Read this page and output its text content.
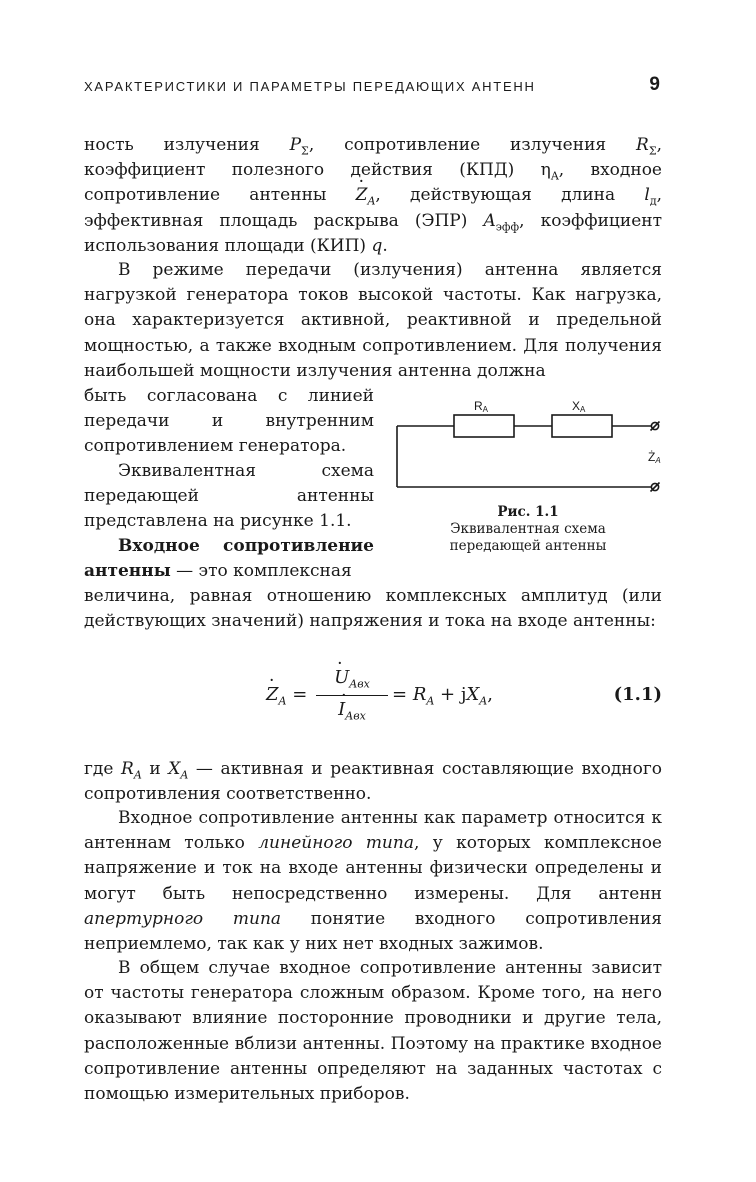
ХАРАКТЕРИСТИКИ И ПАРАМЕТРЫ ПЕРЕДАЮЩИХ АНТЕНН	9

ность излучения $P_\Sigma$, сопротивление излучения $R_\Sigma$, коэффициент полезного действия (КПД) $\eta_A$, входное сопротивление антенны · $Z_A$, действующая длина $l_д$, эффективная площадь раскрыва (ЭПР) $A_{эфф}$, коэффициент использования площади (КИП) q.

В режиме передачи (излучения) антенна является нагрузкой генератора токов высокой частоты. Как нагрузка, она характеризуется активной, реактивной и предельной мощностью, а также входным сопротивлением. Для получения наибольшей мощности излучения антенна должна

быть согласована с линией передачи и внутренним сопротивлением генератора.

Эквивалентная схема передающей антенны представлена на рисунке 1.1.

Входное сопротивление антенны — это комплексная

величина, равная отношению комплексных амплитуд (или действующих значений) напряжения и тока на входе антенны:

RA	XA
ŻA
Рис. 1.1
Эквивалентная схема
передающей антенны
· $Z_A$ =
· $U_{Aвх}$
· $I_{Aвх}$
= $R_A + jX_A$,	(1.1)

где $R_A$ и $X_A$ — активная и реактивная составляющие входного сопротивления соответственно.

Входное сопротивление антенны как параметр относится к антеннам только линейного типа, у которых комплексное напряжение и ток на входе антенны физически определены и могут быть непосредственно измерены. Для антенн апертурного типа понятие входного сопротивления неприемлемо, так как у них нет входных зажимов.

В общем случае входное сопротивление антенны зависит от частоты генератора сложным образом. Кроме того, на него оказывают влияние посторонние проводники и другие тела, расположенные вблизи антенны. Поэтому на практике входное сопротивление антенны определяют на заданных частотах с помощью измерительных приборов.
